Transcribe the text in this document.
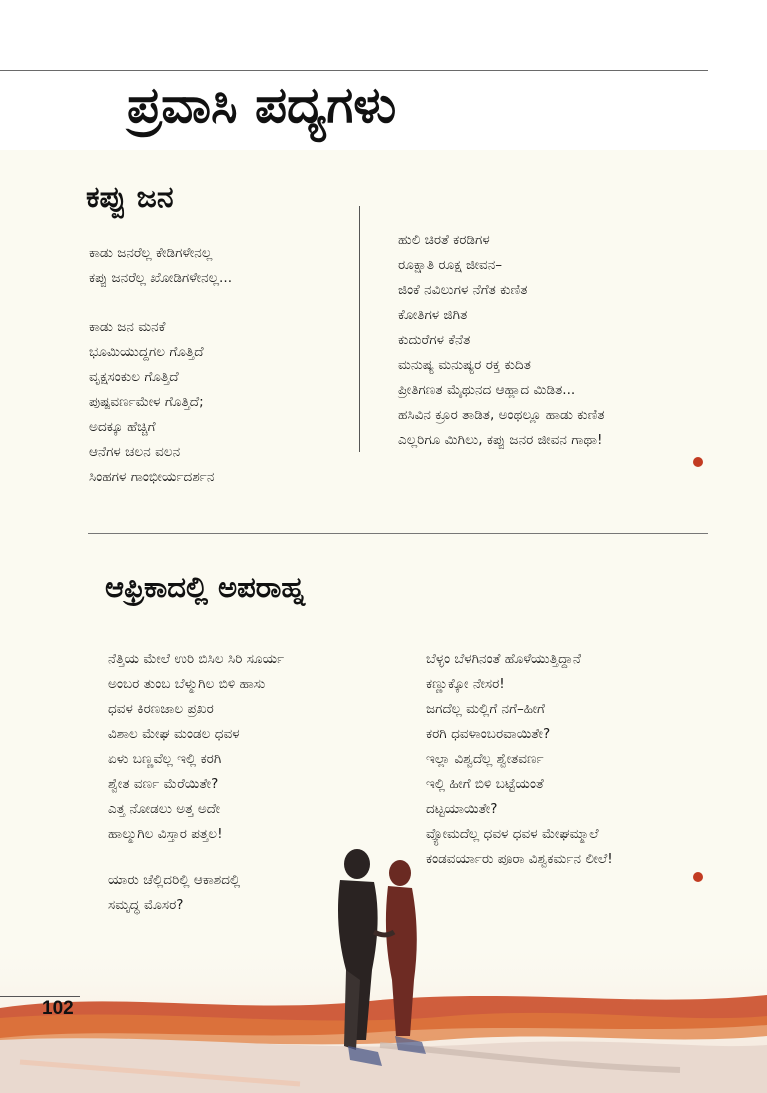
ಪ್ರವಾಸಿ ಪದ್ಯಗಳು
ಕಪ್ಪು ಜನ
ಕಾಡು ಜನರೆಲ್ಲ ಕೇಡಿಗಳೇನಲ್ಲ
ಕಪ್ಪು ಜನರೆಲ್ಲ ಖೋಡಿಗಳೇನಲ್ಲ...
ಕಾಡು ಜನ ಮನಕೆ
ಭೂಮಿಯುದ್ದಗಲ ಗೊತ್ತಿದೆ
ವೃಕ್ಷಸಂಕುಲ ಗೊತ್ತಿದೆ
ಪುಷ್ಪವರ್ಣಮೇಳ ಗೊತ್ತಿದೆ;
ಅದಕ್ಕೂ ಹೆಚ್ಚಿಗೆ
ಆನೆಗಳ ಚಲನ ವಲನ
ಸಿಂಹಗಳ ಗಾಂಭೀರ್ಯದರ್ಶನ
ಹುಲಿ ಚಿರತೆ ಕರಡಿಗಳ
ರೂಕ್ಷಾತಿ ರೂಕ್ಷ ಜೀವನ–
ಜಿಂಕೆ ನವಿಲುಗಳ ನೆಗೆತ ಕುಣಿತ
ಕೋತಿಗಳ ಜಿಗಿತ
ಕುದುರೆಗಳ ಕೆನೆತ
ಮನುಷ್ಯ ಮನುಷ್ಯರ ರಕ್ತ ಕುದಿತ
ಪ್ರೀತಿಗಣತ ಮೈಥುನದ ಆಹ್ಲಾದ ಮಿಡಿತ...
ಹಸಿವಿನ ಕ್ರೂರ ತಾಡಿತ, ಅಂಥಲ್ಲೂ ಹಾಡು ಕುಣಿತ
ಎಲ್ಲರಿಗೂ ಮಿಗಿಲು, ಕಪ್ಪು ಜನರ ಜೀವನ ಗಾಥಾ!
ಆಫ್ರಿಕಾದಲ್ಲಿ ಅಪರಾಹ್ನ
ನೆತ್ತಿಯ ಮೇಲೆ ಉರಿ ಬಿಸಿಲ ಸಿರಿ ಸೂರ್ಯ
ಅಂಬರ ತುಂಬ ಬೆಳ್ಮುಗಿಲ ಬಿಳಿ ಹಾಸು
ಧವಳ ಕಿರಣಜಾಲ ಪ್ರಖರ
ವಿಶಾಲ ಮೇಘ ಮಂಡಲ ಧವಳ
ಏಳು ಬಣ್ಣವೆಲ್ಲ ಇಲ್ಲಿ ಕರಗಿ
ಶ್ವೇತ ವರ್ಣ ಮೆರೆಯಿತೇ?
ಎತ್ತ ನೋಡಲು ಅತ್ತ ಅದೇ
ಹಾಲ್ಮುಗಿಲ ವಿಸ್ತಾರ ಪತ್ತಲ!
ಯಾರು ಚೆಲ್ಲಿದರಿಲ್ಲಿ ಆಕಾಶದಲ್ಲಿ
ಸಮೃದ್ಧ ಮೊಸರ?
ಬೆಳ್ಳಂ ಬೆಳಗಿನಂತೆ ಹೊಳೆಯುತ್ತಿದ್ದಾನೆ
ಕಣ್ಣುಕ್ಕೋ ನೇಸರ!
ಜಗದೆಲ್ಲ ಮಲ್ಲಿಗೆ ನಗೆ–ಹೀಗೆ
ಕರಗಿ ಧವಳಾಂಬರವಾಯಿತೇ?
ಇಲ್ಲಾ ವಿಶ್ವದೆಲ್ಲ ಶ್ವೇತವರ್ಣ
ಇಲ್ಲಿ ಹೀಗೆ ಬಿಳಿ ಬಟ್ಟೆಯಂತೆ
ದಟ್ಟಯಾಯಿತೇ?
ವ್ಯೋಮದೆಲ್ಲ ಧವಳ ಧವಳ ಮೇಘಮ್ಮಾಲೆ
ಕಂಡವರ್ಯಾರು ಪೂರಾ ವಿಶ್ವಕರ್ಮನ ಲೀಲೆ!
102
